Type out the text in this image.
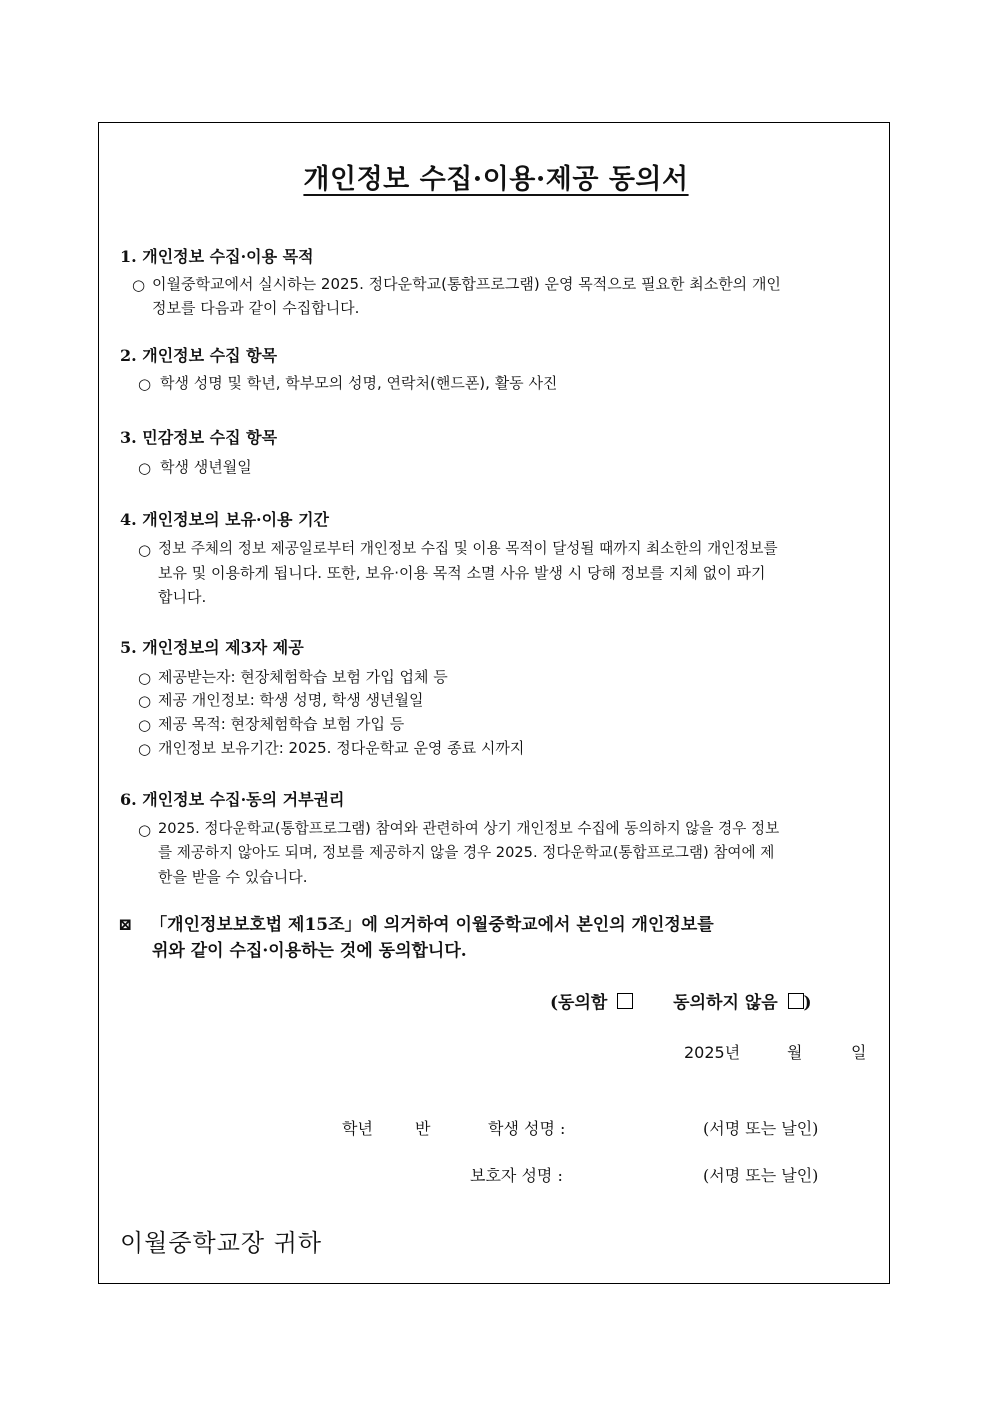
개인정보 수집·이용·제공 동의서
1. 개인정보 수집·이용 목적
○ 이월중학교에서 실시하는 2025. 정다운학교(통합프로그램) 운영 목적으로 필요한 최소한의 개인
정보를 다음과 같이 수집합니다.
2. 개인정보 수집 항목
○ 학생 성명 및 학년, 학부모의 성명, 연락처(핸드폰), 활동 사진
3. 민감정보 수집 항목
○ 학생 생년월일
4. 개인정보의 보유·이용 기간
○ 정보 주체의 정보 제공일로부터 개인정보 수집 및 이용 목적이 달성될 때까지 최소한의 개인정보를
보유 및 이용하게 됩니다. 또한, 보유·이용 목적 소멸 사유 발생 시 당해 정보를 지체 없이 파기
합니다.
5. 개인정보의 제3자 제공
○ 제공받는자: 현장체험학습 보험 가입 업체 등
○ 제공 개인정보: 학생 성명, 학생 생년월일
○ 제공 목적: 현장체험학습 보험 가입 등
○ 개인정보 보유기간: 2025. 정다운학교 운영 종료 시까지
6. 개인정보 수집·동의 거부권리
○ 2025. 정다운학교(통합프로그램) 참여와 관련하여 상기 개인정보 수집에 동의하지 않을 경우 정보
를 제공하지 않아도 되며, 정보를 제공하지 않을 경우 2025. 정다운학교(통합프로그램) 참여에 제
한을 받을 수 있습니다.
⊠ 「개인정보보호법 제15조」에 의거하여 이월중학교에서 본인의 개인정보를
위와 같이 수집·이용하는 것에 동의합니다.
(동의함	동의하지 않음 )
2025년	월	일
학년	반	학생 성명 :	(서명 또는 날인)
보호자 성명 :	(서명 또는 날인)
이월중학교장 귀하
